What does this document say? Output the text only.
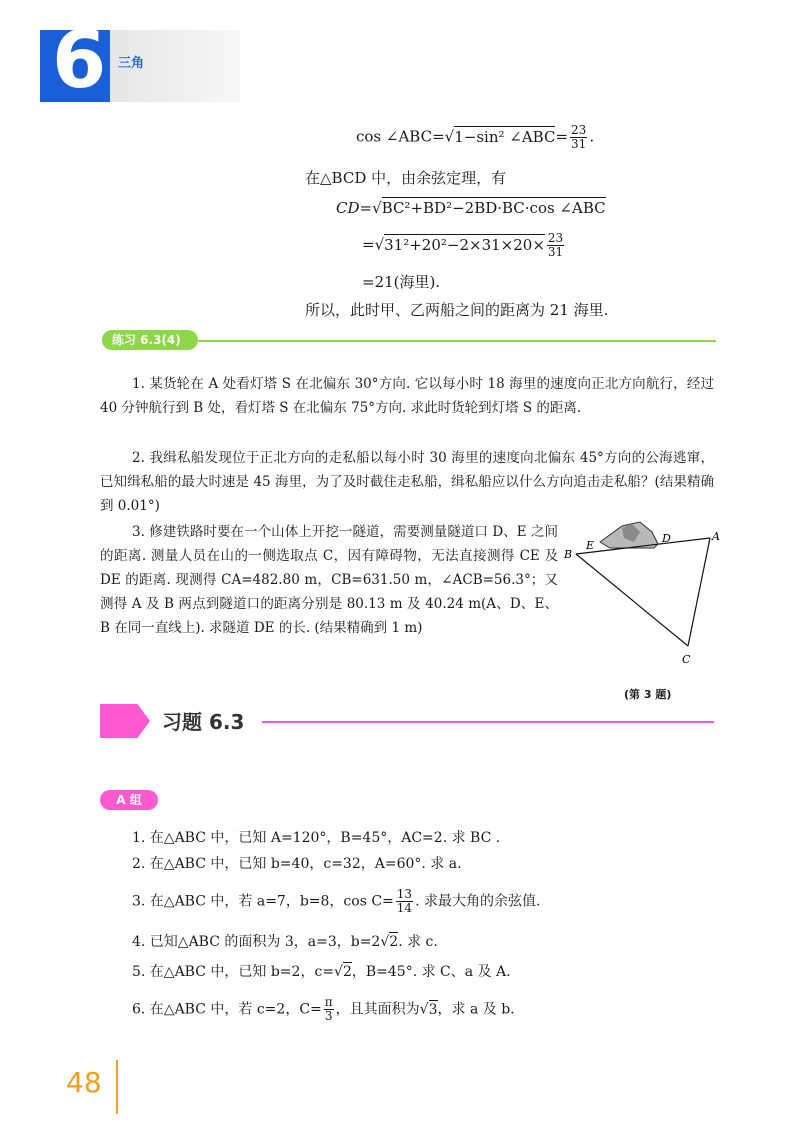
6 三角
cos ∠ABC=√1−sin² ∠ABC= $\frac{23}{31}$ .
在△BCD 中，由余弦定理，有
CD=√BC²+BD²−2BD·BC·cos ∠ABC
$=√31^2+20^2-2\times 31\times 20\times \frac{23}{31}$
=21(海里).
所以，此时甲、乙两船之间的距离为 21 海里.
练习 6.3(4)
1. 某货轮在 A 处看灯塔 S 在北偏东 30°方向. 它以每小时 18 海里的速度向正北方向航行，经过 40 分钟航行到 B 处，看灯塔 S 在北偏东 75°方向. 求此时货轮到灯塔 S 的距离.
2. 我缉私船发现位于正北方向的走私船以每小时 30 海里的速度向北偏东 45°方向的公海逃窜，已知缉私船的最大时速是 45 海里，为了及时截住走私船，缉私船应以什么方向追击走私船？(结果精确到 0.01°)
3. 修建铁路时要在一个山体上开挖一隧道，需要测量隧道口 D、E 之间的距离. 测量人员在山的一侧选取点 C，因有障碍物，无法直接测得 CE 及 DE 的距离. 现测得 CA=482.80 m，CB=631.50 m，∠ACB=56.3°；又测得 A 及 B 两点到隧道口的距离分别是 80.13 m 及 40.24 m(A、D、E、B 在同一直线上). 求隧道 DE 的长. (结果精确到 1 m)
B
E
D	A
C
(第 3 题)
习题 6.3
A 组
1. 在△ABC 中，已知 A=120°，B=45°，AC=2. 求 BC .
2. 在△ABC 中，已知 b=40，c=32，A=60°. 求 a.
3. 在△ABC 中，若 a=7，b=8，$\cos C= \frac{13}{14}$ . 求最大角的余弦值.
4. 已知△ABC 的面积为 3，a=3，b=2√2. 求 c.
5. 在△ABC 中，已知 b=2，c=√2，B=45°. 求 C、a 及 A.
6. 在△ABC 中，若 c=2，$C= \frac{\pi}{3}$ ，且其面积为√3，求 a 及 b.
48
